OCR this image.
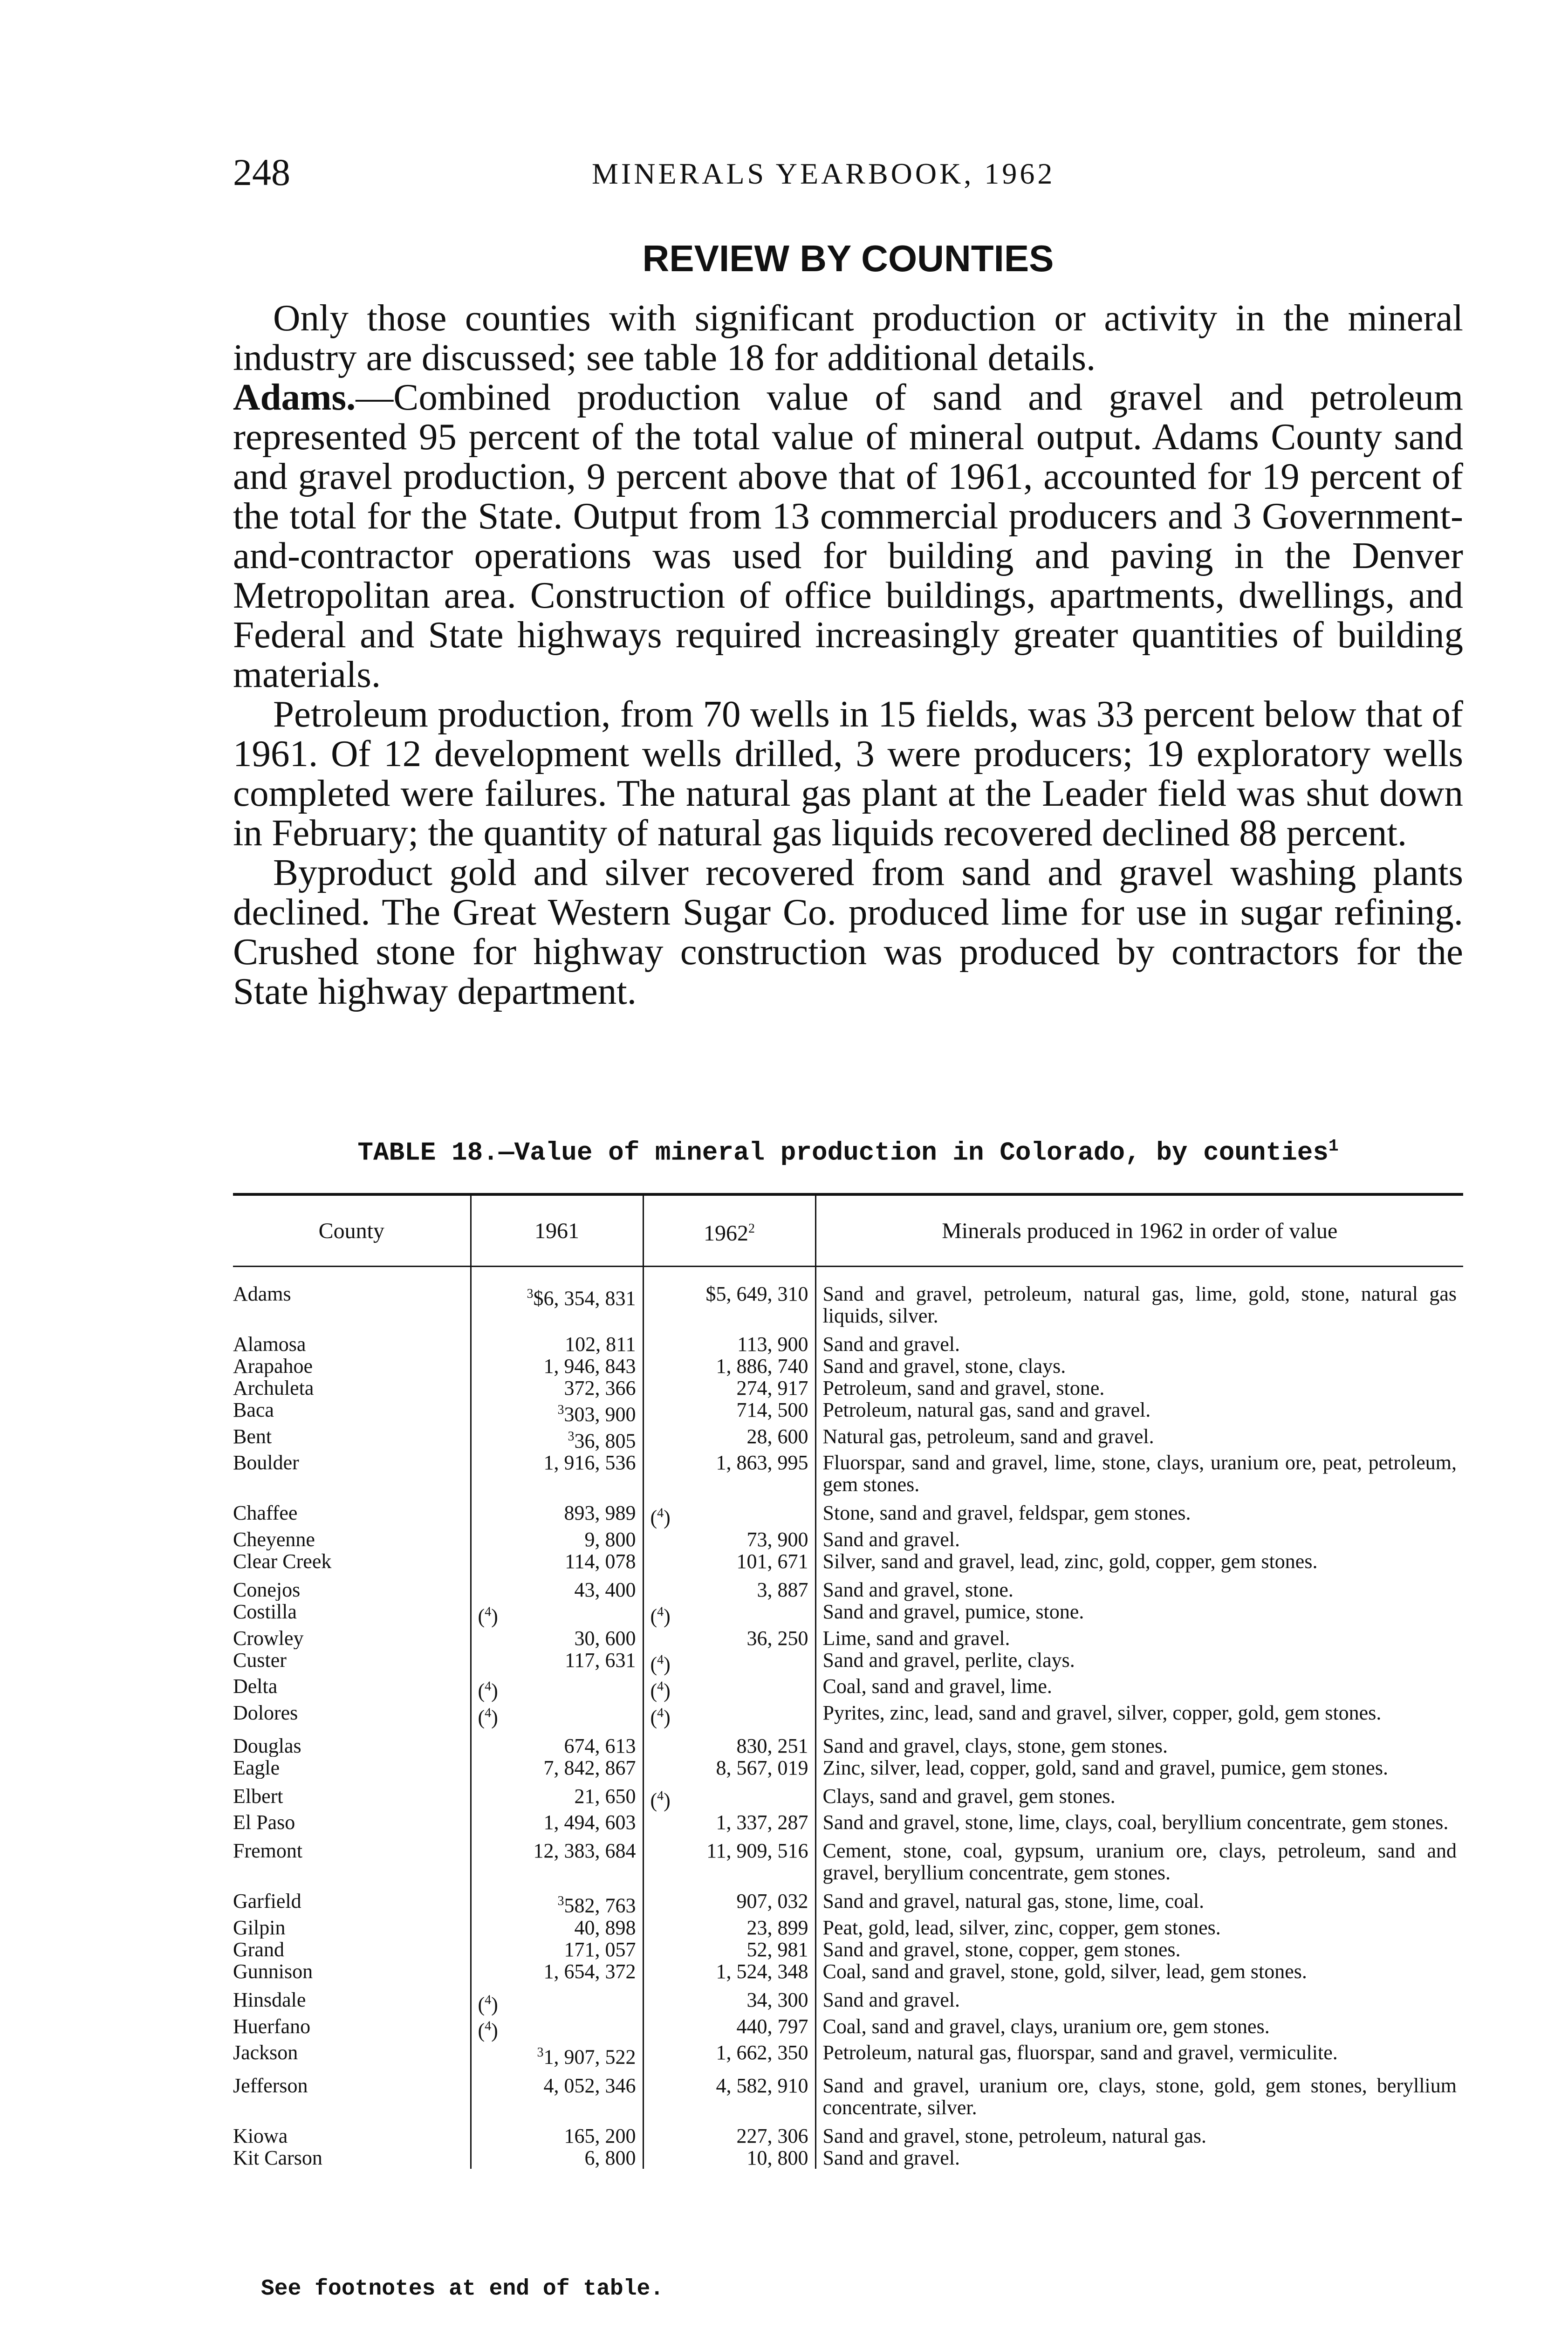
248	MINERALS YEARBOOK, 1962
REVIEW BY COUNTIES

Only those counties with significant production or activity in the mineral industry are discussed; see table 18 for additional details.

Adams.—Combined production value of sand and gravel and petroleum represented 95 percent of the total value of mineral output. Adams County sand and gravel production, 9 percent above that of 1961, accounted for 19 percent of the total for the State. Output from 13 commercial producers and 3 Government-and-contractor operations was used for building and paving in the Denver Metropolitan area. Construction of office buildings, apartments, dwellings, and Federal and State highways required increasingly greater quantities of building materials.

Petroleum production, from 70 wells in 15 fields, was 33 percent below that of 1961. Of 12 development wells drilled, 3 were producers; 19 exploratory wells completed were failures. The natural gas plant at the Leader field was shut down in February; the quantity of natural gas liquids recovered declined 88 percent.

Byproduct gold and silver recovered from sand and gravel washing plants declined. The Great Western Sugar Co. produced lime for use in sugar refining. Crushed stone for highway construction was produced by contractors for the State highway department.

TABLE 18.—Value of mineral production in Colorado, by counties$^1$
County	1961	1962$^2$	Minerals produced in 1962 in order of value
Adams	$^3$\$6, 354, 831	$5, 649, 310	Sand and gravel, petroleum, natural gas, lime, gold, stone, natural gas liquids, silver.
Alamosa	102, 811	113, 900	Sand and gravel.
Arapahoe	1, 946, 843	1, 886, 740	Sand and gravel, stone, clays.
Archuleta	372, 366	274, 917	Petroleum, sand and gravel, stone.
Baca	$^3$303, 900	714, 500	Petroleum, natural gas, sand and gravel.
Bent	$^3$36, 805	28, 600	Natural gas, petroleum, sand and gravel.
Boulder	1, 916, 536	1, 863, 995	Fluorspar, sand and gravel, lime, stone, clays, uranium ore, peat, petroleum, gem stones.
Chaffee	893, 989	($^4$)	Stone, sand and gravel, feldspar, gem stones.
Cheyenne	9, 800	73, 900	Sand and gravel.
Clear Creek	114, 078	101, 671	Silver, sand and gravel, lead, zinc, gold, copper, gem stones.
Conejos	43, 400	3, 887	Sand and gravel, stone.
Costilla	($^4$)	($^4$)	Sand and gravel, pumice, stone.
Crowley	30, 600	36, 250	Lime, sand and gravel.
Custer	117, 631	($^4$)	Sand and gravel, perlite, clays.
Delta	($^4$)	($^4$)	Coal, sand and gravel, lime.
Dolores	($^4$)	($^4$)	Pyrites, zinc, lead, sand and gravel, silver, copper, gold, gem stones.
Douglas	674, 613	830, 251	Sand and gravel, clays, stone, gem stones.
Eagle	7, 842, 867	8, 567, 019	Zinc, silver, lead, copper, gold, sand and gravel, pumice, gem stones.
Elbert	21, 650	($^4$)	Clays, sand and gravel, gem stones.
El Paso	1, 494, 603	1, 337, 287	Sand and gravel, stone, lime, clays, coal, beryllium concentrate, gem stones.
Fremont	12, 383, 684	11, 909, 516	Cement, stone, coal, gypsum, uranium ore, clays, petroleum, sand and gravel, beryllium concentrate, gem stones.
Garfield	$^3$582, 763	907, 032	Sand and gravel, natural gas, stone, lime, coal.
Gilpin	40, 898	23, 899	Peat, gold, lead, silver, zinc, copper, gem stones.
Grand	171, 057	52, 981	Sand and gravel, stone, copper, gem stones.
Gunnison	1, 654, 372	1, 524, 348	Coal, sand and gravel, stone, gold, silver, lead, gem stones.
Hinsdale	($^4$)	34, 300	Sand and gravel.
Huerfano	($^4$)	440, 797	Coal, sand and gravel, clays, uranium ore, gem stones.
Jackson	$^3$1, 907, 522	1, 662, 350	Petroleum, natural gas, fluorspar, sand and gravel, vermiculite.
Jefferson	4, 052, 346	4, 582, 910	Sand and gravel, uranium ore, clays, stone, gold, gem stones, beryllium concentrate, silver.
Kiowa	165, 200	227, 306	Sand and gravel, stone, petroleum, natural gas.
Kit Carson	6, 800	10, 800	Sand and gravel.
See footnotes at end of table.
